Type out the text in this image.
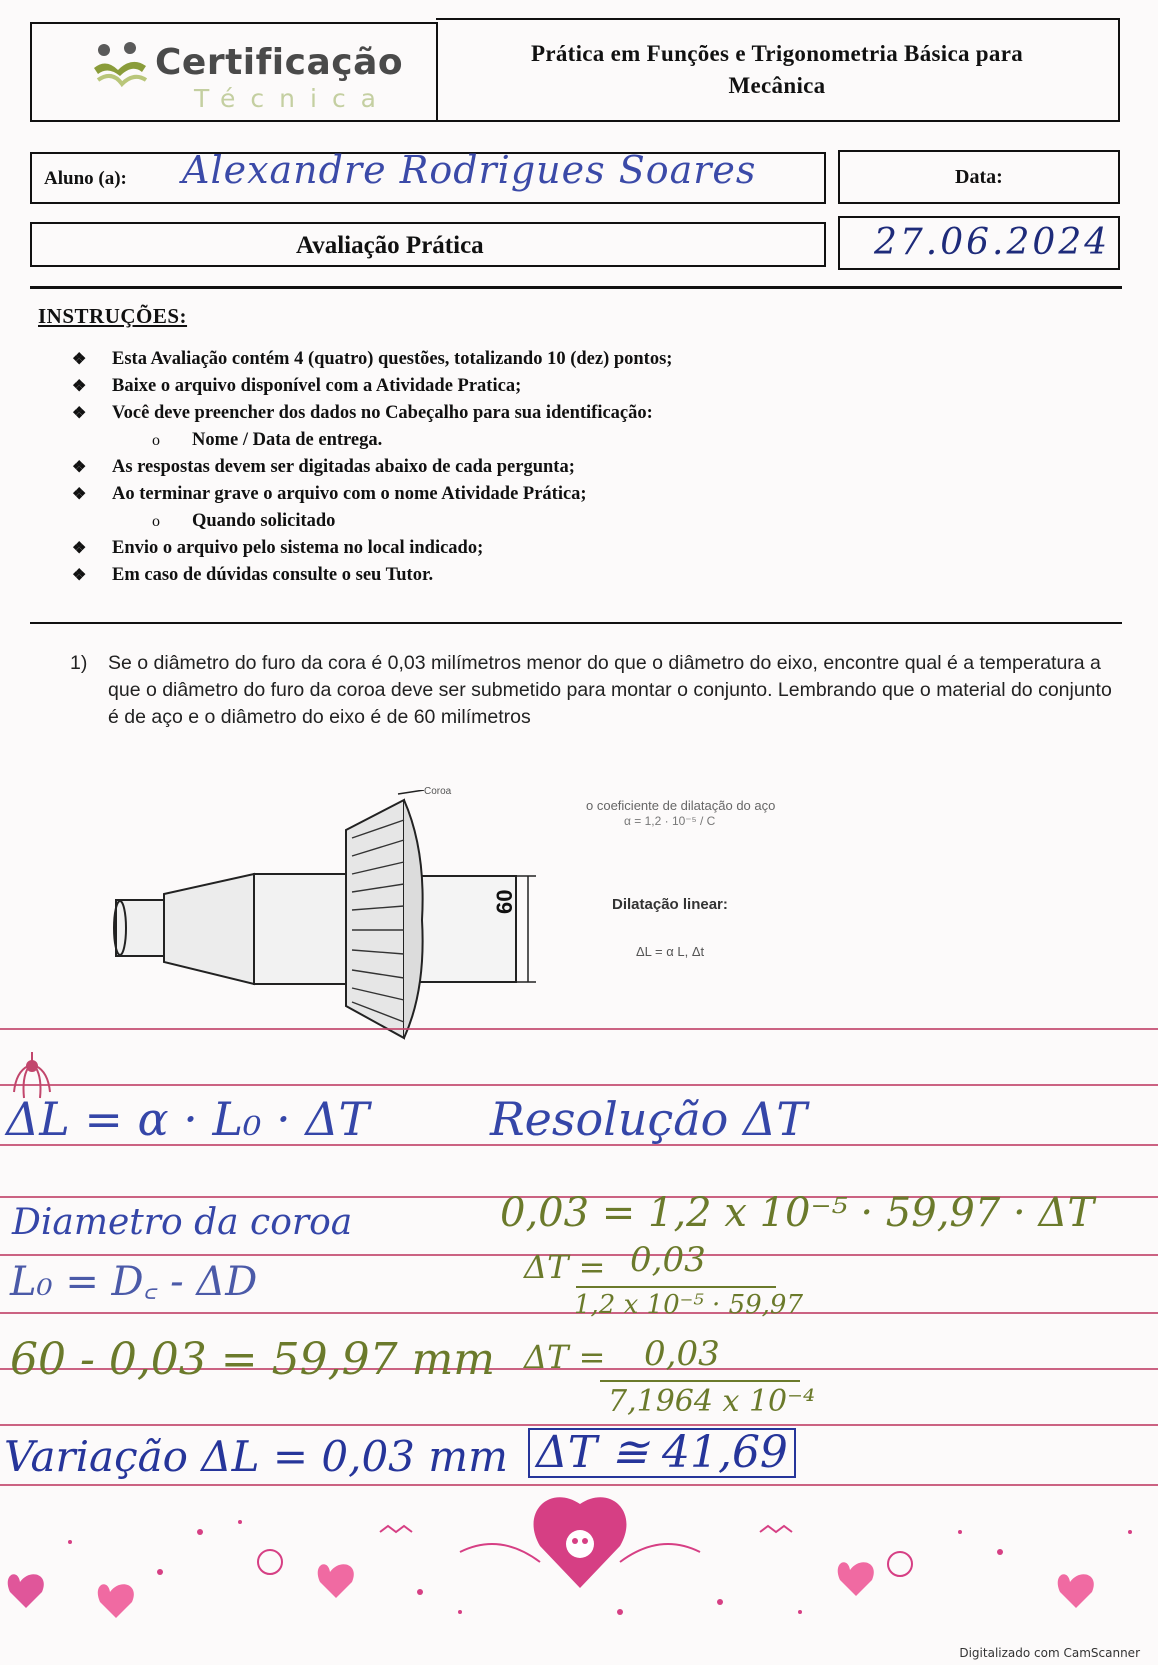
Certificação
Técnica
Prática em Funções e Trigonometria Básica para
Mecânica
Aluno (a): Alexandre Rodrigues Soares
Avaliação Prática
Data:
27.06.2024
INSTRUÇÕES:
❖	Esta Avaliação contém 4 (quatro) questões, totalizando 10 (dez) pontos;
❖	Baixe o arquivo disponível com a Atividade Pratica;
❖	Você deve preencher dos dados no Cabeçalho para sua identificação:
o	Nome / Data de entrega.
❖	As respostas devem ser digitadas abaixo de cada pergunta;
❖	Ao terminar grave o arquivo com o nome Atividade Prática;
o	Quando solicitado
❖	Envio o arquivo pelo sistema no local indicado;
❖	Em caso de dúvidas consulte o seu Tutor.
1) Se o diâmetro do furo da cora é 0,03 milímetros menor do que o diâmetro do eixo, encontre qual é a temperatura a que o diâmetro do furo da coroa deve ser submetido para montar o conjunto. Lembrando que o material do conjunto é de aço e o diâmetro do eixo é de 60 milímetros
Coroa
60
o coeficiente de dilatação do aço
α = 1,2 · 10⁻⁵ / C
Dilatação linear:
ΔL = α L, Δt
ΔL = α · L₀ · ΔT	Resolução ΔT
Diametro da coroa
L₀ = D꜀ - ΔD
60 - 0,03 = 59,97 mm
Variação ΔL = 0,03 mm
0,03 = 1,2 x 10⁻⁵ · 59,97 · ΔT
ΔT = 0,03
1,2 x 10⁻⁵ · 59,97
ΔT = 0,03
7,1964 x 10⁻⁴
ΔT ≅ 41,69
Digitalizado com CamScanner
